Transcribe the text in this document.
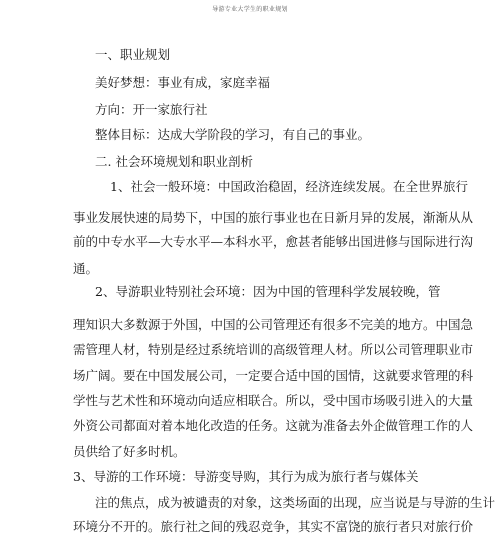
导游专业大学生的职业规划
一、职业规划
美好梦想：事业有成，家庭幸福
方向：开一家旅行社
整体目标：达成大学阶段的学习，有自己的事业。
二. 社会环境规划和职业剖析
1、社会一般环境：中国政治稳固，经济连续发展。在全世界旅行
事业发展快速的局势下，中国的旅行事业也在日新月异的发展，渐渐从从
前的中专水平—大专水平—本科水平，愈甚者能够出国进修与国际进行沟
通。
2、导游职业特别社会环境：因为中国的管理科学发展较晚，管
理知识大多数源于外国，中国的公司管理还有很多不完美的地方。中国急
需管理人材，特别是经过系统培训的高级管理人材。所以公司管理职业市
场广阔。要在中国发展公司，一定要合适中国的国情，这就要求管理的科
学性与艺术性和环境动向适应相联合。所以，受中国市场吸引进入的大量
外资公司都面对着本地化改造的任务。这就为准备去外企做管理工作的人
员供给了好多时机。
3、导游的工作环境：导游变导购，其行为成为旅行者与媒体关
注的焦点，成为被谴责的对象，这类场面的出现，应当说是与导游的生计
环境分不开的。旅行社之间的残忍竞争，其实不富饶的旅行者只对旅行价
